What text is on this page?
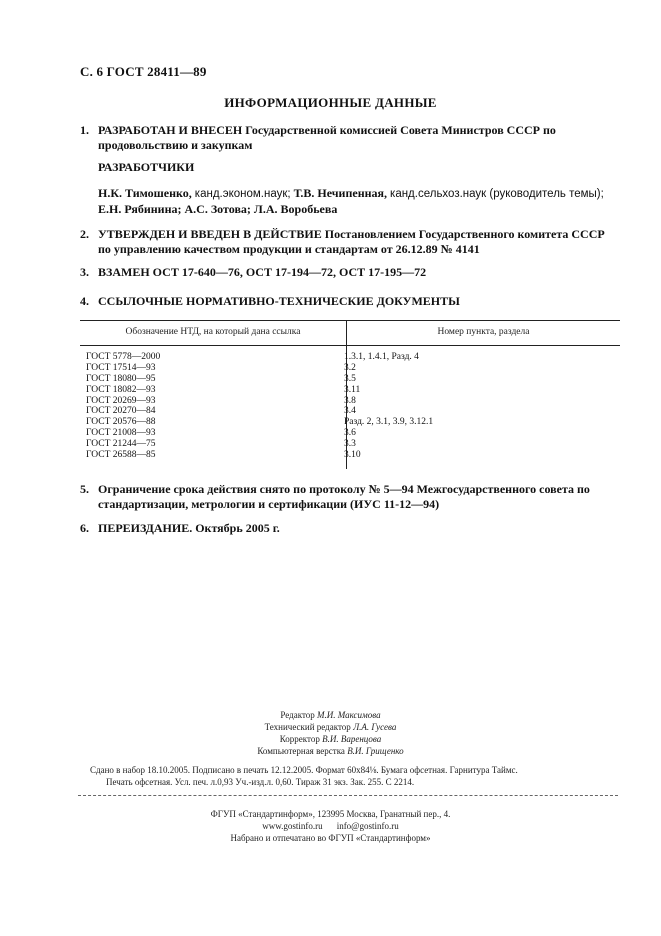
С. 6 ГОСТ 28411—89
ИНФОРМАЦИОННЫЕ ДАННЫЕ
1. РАЗРАБОТАН И ВНЕСЕН Государственной комиссией Совета Министров СССР по продовольствию и закупкам
РАЗРАБОТЧИКИ
Н.К. Тимошенко, канд.эконом.наук; Т.В. Нечипенная, канд.сельхоз.наук (руководитель темы);
Е.Н. Рябинина; А.С. Зотова; Л.А. Воробьева
2. УТВЕРЖДЕН И ВВЕДЕН В ДЕЙСТВИЕ Постановлением Государственного комитета СССР по управлению качеством продукции и стандартам от 26.12.89 № 4141
3. ВЗАМЕН ОСТ 17-640—76, ОСТ 17-194—72, ОСТ 17-195—72
4. ССЫЛОЧНЫЕ НОРМАТИВНО-ТЕХНИЧЕСКИЕ ДОКУМЕНТЫ
Обозначение НТД, на который дана ссылка	Номер пункта, раздела
ГОСТ 5778—2000	1.3.1, 1.4.1, Разд. 4
ГОСТ 17514—93	3.2
ГОСТ 18080—95	3.5
ГОСТ 18082—93	3.11
ГОСТ 20269—93	3.8
ГОСТ 20270—84	3.4
ГОСТ 20576—88	Разд. 2, 3.1, 3.9, 3.12.1
ГОСТ 21008—93	3.6
ГОСТ 21244—75	3.3
ГОСТ 26588—85	3.10
5. Ограничение срока действия снято по протоколу № 5—94 Межгосударственного совета по стандартизации, метрологии и сертификации (ИУС 11-12—94)
6. ПЕРЕИЗДАНИЕ. Октябрь 2005 г.
Редактор М.И. Максимова
Технический редактор Л.А. Гусева
Корректор В.И. Варенцова
Компьютерная верстка В.И. Грищенко
Сдано в набор 18.10.2005. Подписано в печать 12.12.2005. Формат 60x84⅛. Бумага офсетная. Гарнитура Таймс.
Печать офсетная. Усл. печ. л.0,93 Уч.-изд.л. 0,60. Тираж 31 экз. Зак. 255. С 2214.
ФГУП «Стандартинформ», 123995 Москва, Гранатный пер., 4.
www.gostinfo.ru info@gostinfo.ru
Набрано и отпечатано во ФГУП «Стандартинформ»
